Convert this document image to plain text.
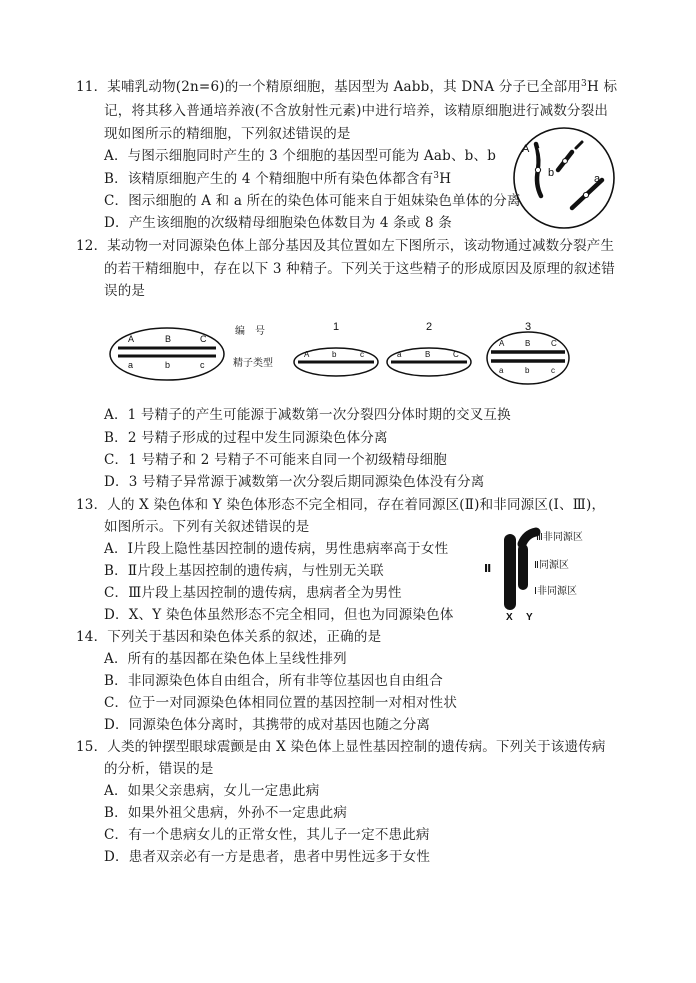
11．某哺乳动物(2n=6)的一个精原细胞，基因型为 Aabb，其 DNA 分子已全部用$^3$H 标
记，将其移入普通培养液(不含放射性元素)中进行培养，该精原细胞进行减数分裂出
现如图所示的精细胞，下列叙述错误的是
A．与图示细胞同时产生的 3 个细胞的基因型可能为 Aab、b、b
B．该精原细胞产生的 4 个精细胞中所有染色体都含有$^3$H
C．图示细胞的 A 和 a 所在的染色体可能来自于姐妹染色单体的分离
D．产生该细胞的次级精母细胞染色体数目为 4 条或 8 条
A
b	a
12．某动物一对同源染色体上部分基因及其位置如左下图所示，该动物通过减数分裂产生
的若干精细胞中，存在以下 3 种精子。下列关于这些精子的形成原因及原理的叙述错
误的是
A	B	C
a	b	c
编　号
精子类型
1	2	3
A	b	c	a	B	C
A	B	C
a	b	c
A．1 号精子的产生可能源于减数第一次分裂四分体时期的交叉互换
B．2 号精子形成的过程中发生同源染色体分离
C．1 号精子和 2 号精子不可能来自同一个初级精母细胞
D．3 号精子异常源于减数第一次分裂后期同源染色体没有分离
13．人的 X 染色体和 Y 染色体形态不完全相同，存在着同源区(Ⅱ)和非同源区(Ⅰ、Ⅲ)，
如图所示。下列有关叙述错误的是
A．Ⅰ片段上隐性基因控制的遗传病，男性患病率高于女性
B．Ⅱ片段上基因控制的遗传病，与性别无关联
C．Ⅲ片段上基因控制的遗传病，患病者全为男性
D．X、Y 染色体虽然形态不完全相同，但也为同源染色体
Ⅱ
Ⅲ非同源区
Ⅱ同源区
Ⅰ非同源区
X Y
14．下列关于基因和染色体关系的叙述，正确的是
A．所有的基因都在染色体上呈线性排列
B．非同源染色体自由组合，所有非等位基因也自由组合
C．位于一对同源染色体相同位置的基因控制一对相对性状
D．同源染色体分离时，其携带的成对基因也随之分离
15．人类的钟摆型眼球震颤是由 X 染色体上显性基因控制的遗传病。下列关于该遗传病
的分析，错误的是
A．如果父亲患病，女儿一定患此病
B．如果外祖父患病，外孙不一定患此病
C．有一个患病女儿的正常女性，其儿子一定不患此病
D．患者双亲必有一方是患者，患者中男性远多于女性
